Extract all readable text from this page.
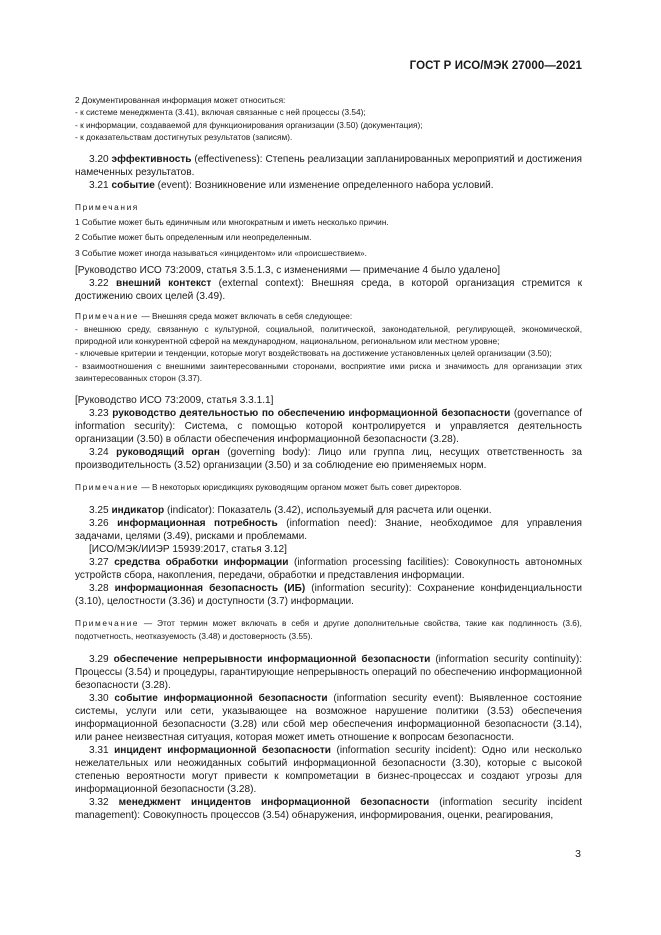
ГОСТ Р ИСО/МЭК 27000—2021

2 Документированная информация может относиться:

- к системе менеджмента (3.41), включая связанные с ней процессы (3.54);

- к информации, создаваемой для функционирования организации (3.50) (документация);

- к доказательствам достигнутых результатов (записям).

3.20 эффективность (effectiveness): Степень реализации запланированных мероприятий и достижения намеченных результатов.

3.21 событие (event): Возникновение или изменение определенного набора условий.

Примечания

1 Событие может быть единичным или многократным и иметь несколько причин.

2 Событие может быть определенным или неопределенным.

3 Событие может иногда называться «инцидентом» или «происшествием».

[Руководство ИСО 73:2009, статья 3.5.1.3, с изменениями — примечание 4 было удалено]

3.22 внешний контекст (external context): Внешняя среда, в которой организация стремится к достижению своих целей (3.49).

Примечание — Внешняя среда может включать в себя следующее:

- внешнюю среду, связанную с культурной, социальной, политической, законодательной, регулирующей, экономической, природной или конкурентной сферой на международном, национальном, региональном или местном уровне;

- ключевые критерии и тенденции, которые могут воздействовать на достижение установленных целей организации (3.50);

- взаимоотношения с внешними заинтересованными сторонами, восприятие ими риска и значимость для организации этих заинтересованных сторон (3.37).

[Руководство ИСО 73:2009, статья 3.3.1.1]

3.23 руководство деятельностью по обеспечению информационной безопасности (governance of information security): Система, с помощью которой контролируется и управляется деятельность организации (3.50) в области обеспечения информационной безопасности (3.28).

3.24 руководящий орган (governing body): Лицо или группа лиц, несущих ответственность за производительность (3.52) организации (3.50) и за соблюдение ею применяемых норм.

Примечание — В некоторых юрисдикциях руководящим органом может быть совет директоров.

3.25 индикатор (indicator): Показатель (3.42), используемый для расчета или оценки.

3.26 информационная потребность (information need): Знание, необходимое для управления задачами, целями (3.49), рисками и проблемами.

[ИСО/МЭК/ИИЭР 15939:2017, статья 3.12]

3.27 средства обработки информации (information processing facilities): Совокупность автономных устройств сбора, накопления, передачи, обработки и представления информации.

3.28 информационная безопасность (ИБ) (information security): Сохранение конфиденциальности (3.10), целостности (3.36) и доступности (3.7) информации.

Примечание — Этот термин может включать в себя и другие дополнительные свойства, такие как подлинность (3.6), подотчетность, неотказуемость (3.48) и достоверность (3.55).

3.29 обеспечение непрерывности информационной безопасности (information security continuity): Процессы (3.54) и процедуры, гарантирующие непрерывность операций по обеспечению информационной безопасности (3.28).

3.30 событие информационной безопасности (information security event): Выявленное состояние системы, услуги или сети, указывающее на возможное нарушение политики (3.53) обеспечения информационной безопасности (3.28) или сбой мер обеспечения информационной безопасности (3.14), или ранее неизвестная ситуация, которая может иметь отношение к вопросам безопасности.

3.31 инцидент информационной безопасности (information security incident): Одно или несколько нежелательных или неожиданных событий информационной безопасности (3.30), которые с высокой степенью вероятности могут привести к компрометации в бизнес-процессах и создают угрозы для информационной безопасности (3.28).

3.32 менеджмент инцидентов информационной безопасности (information security incident management): Совокупность процессов (3.54) обнаружения, информирования, оценки, реагирования,

3
